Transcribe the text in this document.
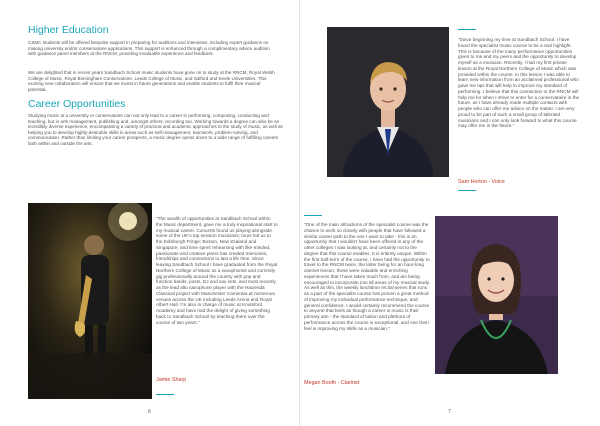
Higher Education

CSMC students will be offered bespoke support in preparing for auditions and interviews, including expert guidance on making university and/or conservatoire applications. This support is enhanced through a complimentary advice audition with guidance panel members at the RNCM, providing invaluable experience and feedback.

We are delighted that in recent years Sandbach School music students have gone on to study at the RNCM, Royal Welsh College of Music, Royal Birmingham Conservatoire, Leeds College of Music, and Salford and Keele Universities. This exciting new collaboration will ensure that we invest in future generations and enable students to fulfil their musical potential.

Career Opportunities

Studying music at a university or conservatoire can not only lead to a career in performing, composing, conducting and teaching, but in arts management, publishing and, amongst others, recording too. Working towards a degree can also be an incredibly diverse experience, encompassing a variety of practical and academic approaches to the study of music, as well as helping you to develop highly-desirable skills in areas such as self-management, teamwork, problem-solving, and communication. Rather than limiting your career prospects, a music degree opens doors to a wide range of fulfilling careers both within and outside the arts.

"The wealth of opportunities at Sandbach School within the Music department, gave me a truly inspirational start to my musical career. Concerts found us playing alongside some of the UK's top session musicians; tours led us to the Edinburgh Fringe; Boston, New Zealand and Singapore, and time spent rehearsing with like-minded, passionate and creative peers has created memories, friendships and connections to last a life time. Since leaving Sandbach School I have graduated from the Royal Northern College of Music as a saxophonist and currently gig professionally around the country with pop and function bands, posts, DJ and sax sets, and most recently as the lead alto saxophone player with the Hacienda Classical project with Manchester Camerata at numerous venues across the UK including Leeds Arena and Royal Albert Hall. I'm also in charge of music at Knutsford Academy and have had the delight of giving something back to Sandbach School by teaching there over the course of two years."

Jamie Sharp
6

"Since beginning my time at Sandbach School, I have found the specialist music course to be a real highlight. This is because of the many performance opportunities given to me and my peers and the opportunity to develop myself as a musician. Recently, I had my first private lesson at the Royal Northern College of Music which was provided within the course. In this lesson I was able to learn new information from an acclaimed professional who gave me tips that will help to improve my standard of performing. I believe that this connection to the RNCM will help me for when I strive to enter for a conservatoire in the future, as I have already made multiple contacts with people who can offer me advice on the matter. I am very proud to be part of such a small group of talented musicians and I can only look forward to what this course may offer me in the future."

Sam Horton - Voice

"One of the main attractions of the specialist course was the chance to work so closely with people that have followed a similar career path to the one I want to take - this is an opportunity that I wouldn't have been offered in any of the other colleges I was looking at, and certainly not to the degree that this course enables. It is entirely unique. Within the first half-term of the course, I have had the opportunity to travel to the RNCM twice, the latter being for an hour-long clarinet lesson; these were valuable and enriching experiences that I have taken much from, and am being encouraged to incorporate into all areas of my musical study. As well as this, the weekly lunchtime recital series that runs as a part of the specialist course has proven a great method of improving my individual performance technique, and general confidence. I would certainly recommend the course to anyone that feels as though a career in music is their primary aim - the standard of tuition and plethora of performance across the course is exceptional, and one that I feel is improving my skills as a musician."

Megan Booth - Clarinet
7
